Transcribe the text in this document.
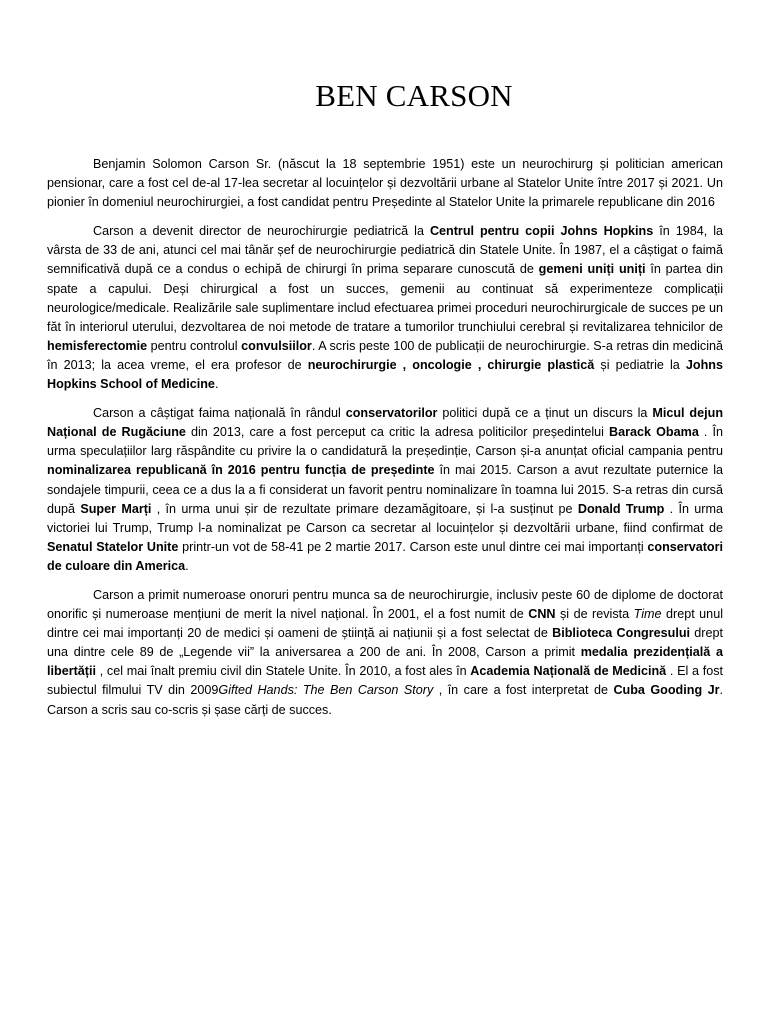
BEN CARSON

Benjamin Solomon Carson Sr. (născut la 18 septembrie 1951) este un neurochirurg și politician american pensionar, care a fost cel de-al 17-lea secretar al locuințelor și dezvoltării urbane al Statelor Unite între 2017 și 2021. Un pionier în domeniul neurochirurgiei, a fost candidat pentru Președinte al Statelor Unite la primarele republicane din 2016

Carson a devenit director de neurochirurgie pediatrică la Centrul pentru copii Johns Hopkins în 1984, la vârsta de 33 de ani, atunci cel mai tânăr șef de neurochirurgie pediatrică din Statele Unite. În 1987, el a câștigat o faimă semnificativă după ce a condus o echipă de chirurgi în prima separare cunoscută de gemeni uniți uniți în partea din spate a capului. Deși chirurgical a fost un succes, gemenii au continuat să experimenteze complicații neurologice/medicale. Realizările sale suplimentare includ efectuarea primei proceduri neurochirurgicale de succes pe un făt în interiorul uterului, dezvoltarea de noi metode de tratare a tumorilor trunchiului cerebral și revitalizarea tehnicilor de hemisferectomie pentru controlul convulsiilor. A scris peste 100 de publicații de neurochirurgie. S-a retras din medicină în 2013; la acea vreme, el era profesor de neurochirurgie , oncologie , chirurgie plastică și pediatrie la Johns Hopkins School of Medicine.

Carson a câștigat faima națională în rândul conservatorilor politici după ce a ținut un discurs la Micul dejun Național de Rugăciune din 2013, care a fost perceput ca critic la adresa politicilor președintelui Barack Obama . În urma speculațiilor larg răspândite cu privire la o candidatură la președinție, Carson și-a anunțat oficial campania pentru nominalizarea republicană în 2016 pentru funcția de președinte în mai 2015. Carson a avut rezultate puternice la sondajele timpurii, ceea ce a dus la a fi considerat un favorit pentru nominalizare în toamna lui 2015. S-a retras din cursă după Super Marți , în urma unui șir de rezultate primare dezamăgitoare, și l-a susținut pe Donald Trump . În urma victoriei lui Trump, Trump l-a nominalizat pe Carson ca secretar al locuințelor și dezvoltării urbane, fiind confirmat de Senatul Statelor Unite printr-un vot de 58-41 pe 2 martie 2017. Carson este unul dintre cei mai importanți conservatori de culoare din America.

Carson a primit numeroase onoruri pentru munca sa de neurochirurgie, inclusiv peste 60 de diplome de doctorat onorific și numeroase mențiuni de merit la nivel național. În 2001, el a fost numit de CNN și de revista Time drept unul dintre cei mai importanți 20 de medici și oameni de știință ai națiunii și a fost selectat de Biblioteca Congresului drept una dintre cele 89 de „Legende vii” la aniversarea a 200 de ani. În 2008, Carson a primit medalia prezidențială a libertății , cel mai înalt premiu civil din Statele Unite. În 2010, a fost ales în Academia Națională de Medicină . El a fost subiectul filmului TV din 2009Gifted Hands: The Ben Carson Story , în care a fost interpretat de Cuba Gooding Jr. Carson a scris sau co-scris și șase cărți de succes.
